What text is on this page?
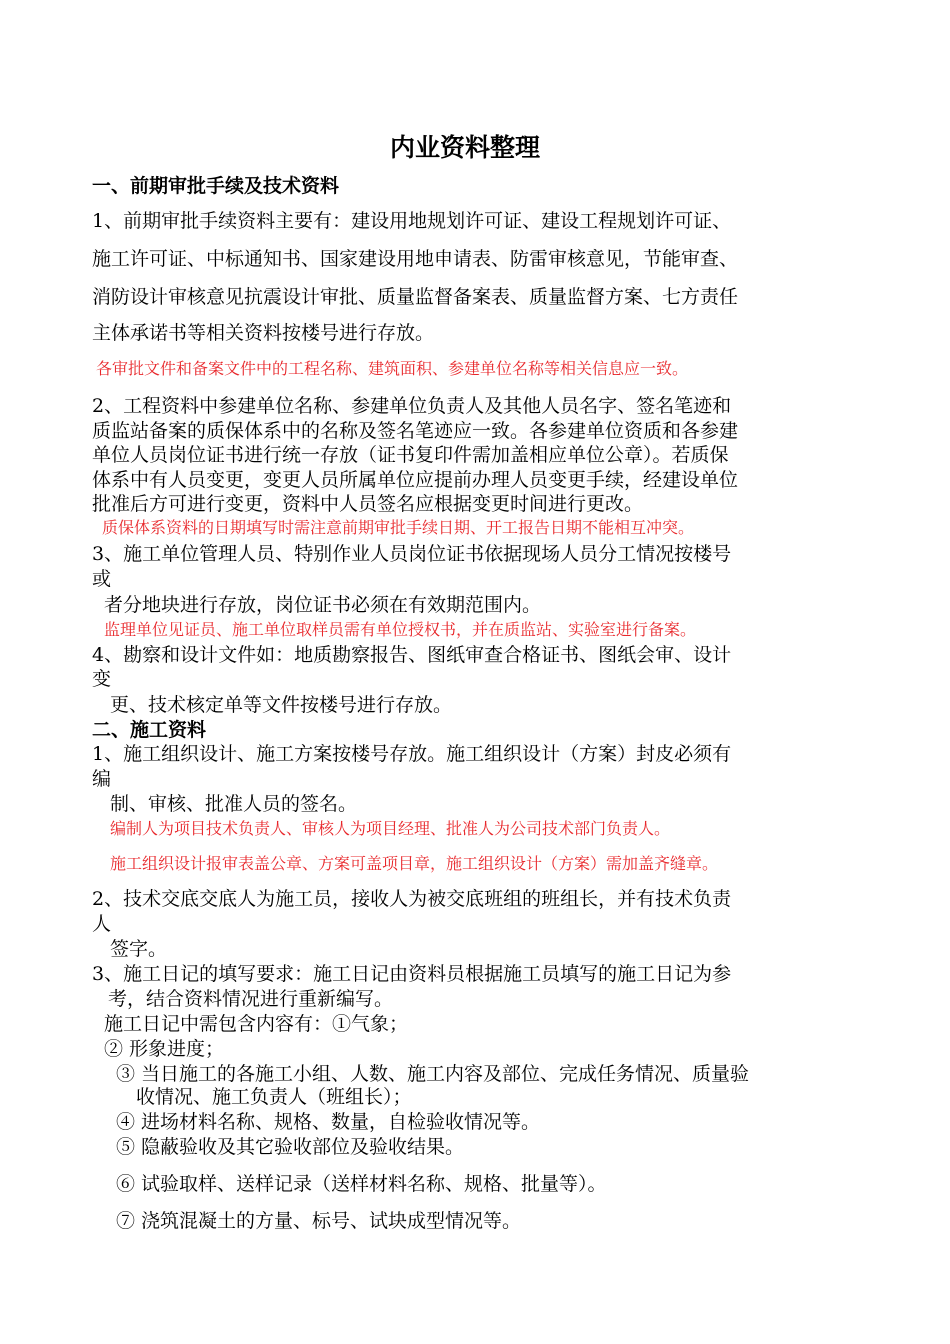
内业资料整理
一、前期审批手续及技术资料
1、前期审批手续资料主要有：建设用地规划许可证、建设工程规划许可证、
施工许可证、中标通知书、国家建设用地申请表、防雷审核意见，节能审查、
消防设计审核意见抗震设计审批、质量监督备案表、质量监督方案、七方责任
主体承诺书等相关资料按楼号进行存放。
各审批文件和备案文件中的工程名称、建筑面积、参建单位名称等相关信息应一致。
2、工程资料中参建单位名称、参建单位负责人及其他人员名字、签名笔迹和
质监站备案的质保体系中的名称及签名笔迹应一致。各参建单位资质和各参建
单位人员岗位证书进行统一存放（证书复印件需加盖相应单位公章）。若质保
体系中有人员变更，变更人员所属单位应提前办理人员变更手续，经建设单位
批准后方可进行变更，资料中人员签名应根据变更时间进行更改。
质保体系资料的日期填写时需注意前期审批手续日期、开工报告日期不能相互冲突。
3、施工单位管理人员、特别作业人员岗位证书依据现场人员分工情况按楼号
或
者分地块进行存放，岗位证书必须在有效期范围内。
监理单位见证员、施工单位取样员需有单位授权书，并在质监站、实验室进行备案。
4、勘察和设计文件如：地质勘察报告、图纸审查合格证书、图纸会审、设计
变
更、技术核定单等文件按楼号进行存放。
二、施工资料
1、施工组织设计、施工方案按楼号存放。施工组织设计（方案）封皮必须有
编
制、审核、批准人员的签名。
编制人为项目技术负责人、审核人为项目经理、批准人为公司技术部门负责人。
施工组织设计报审表盖公章、方案可盖项目章，施工组织设计（方案）需加盖齐缝章。
2、技术交底交底人为施工员，接收人为被交底班组的班组长，并有技术负责
人
签字。
3、施工日记的填写要求：施工日记由资料员根据施工员填写的施工日记为参
考，结合资料情况进行重新编写。
施工日记中需包含内容有：①气象；
② 形象进度；
③ 当日施工的各施工小组、人数、施工内容及部位、完成任务情况、质量验
收情况、施工负责人（班组长）；
④ 进场材料名称、规格、数量，自检验收情况等。
⑤ 隐蔽验收及其它验收部位及验收结果。
⑥ 试验取样、送样记录（送样材料名称、规格、批量等）。
⑦ 浇筑混凝土的方量、标号、试块成型情况等。
